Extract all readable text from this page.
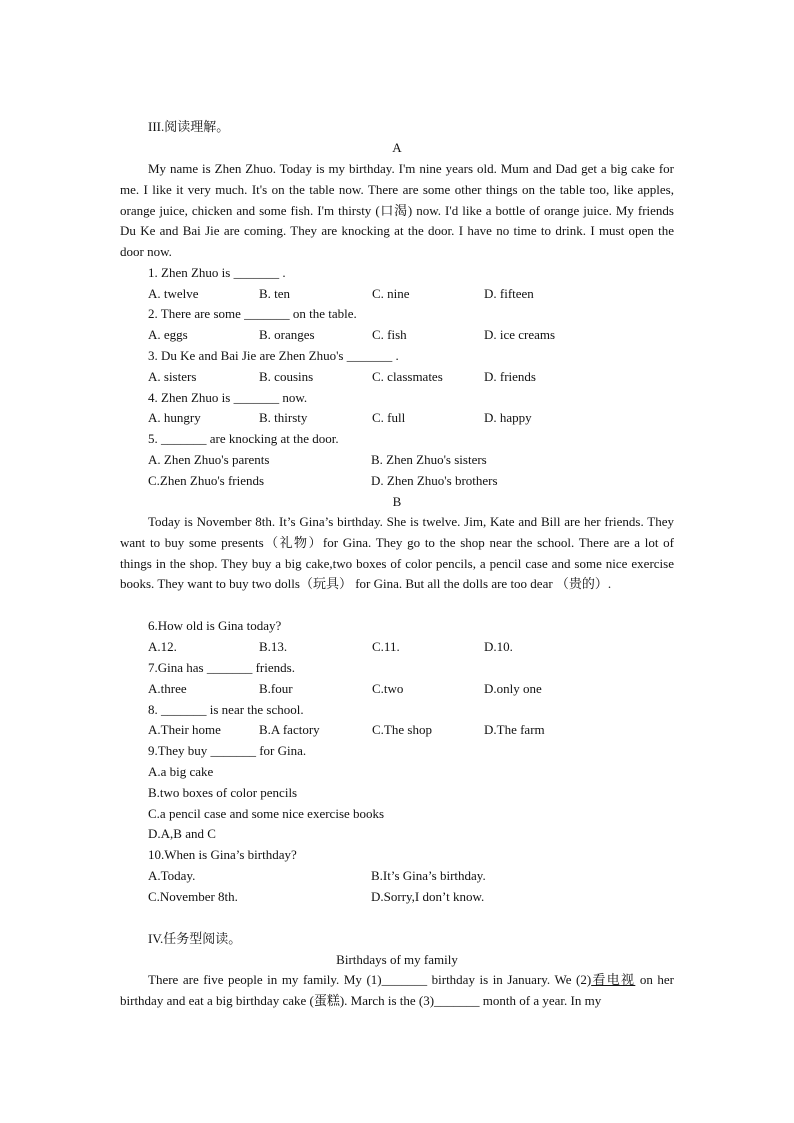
III.阅读理解。
A
My name is Zhen Zhuo. Today is my birthday. I'm nine years old. Mum and Dad get a big cake for me. I like it very much. It's on the table now. There are some other things on the table too, like apples, orange juice, chicken and some fish. I'm thirsty (口渴) now. I'd like a bottle of orange juice. My friends Du Ke and Bai Jie are coming. They are knocking at the door. I have no time to drink. I must open the door now.
1. Zhen Zhuo is _______ .
A. twelve	B. ten	C. nine	D. fifteen
2. There are some _______ on the table.
A. eggs	B. oranges	C. fish	D. ice creams
3. Du Ke and Bai Jie are Zhen Zhuo's _______ .
A. sisters	B. cousins	C. classmates	D. friends
4. Zhen Zhuo is _______ now.
A. hungry	B. thirsty	C. full	D. happy
5. _______ are knocking at the door.
A. Zhen Zhuo's parents	B. Zhen Zhuo's sisters
C.Zhen Zhuo's friends	D. Zhen Zhuo's brothers
B
Today is November 8th. It’s Gina’s birthday. She is twelve. Jim, Kate and Bill are her friends. They want to buy some presents（礼物）for Gina. They go to the shop near the school. There are a lot of things in the shop. They buy a big cake,two boxes of color pencils, a pencil case and some nice exercise books. They want to buy two dolls（玩具） for Gina. But all the dolls are too dear （贵的）.
6.How old is Gina today?
A.12.	B.13.	C.11.	D.10.
7.Gina has _______ friends.
A.three	B.four	C.two	D.only one
8. _______ is near the school.
A.Their home	B.A factory	C.The shop	D.The farm
9.They buy _______ for Gina.
A.a big cake
B.two boxes of color pencils
C.a pencil case and some nice exercise books
D.A,B and C
10.When is Gina’s birthday?
A.Today.	B.It’s Gina’s birthday.
C.November 8th.	D.Sorry,I don’t know.
IV.任务型阅读。
Birthdays of my family
There are five people in my family. My (1)_______ birthday is in January. We (2)看电视 on her birthday and eat a big birthday cake (蛋糕). March is the (3)_______ month of a year. In my
